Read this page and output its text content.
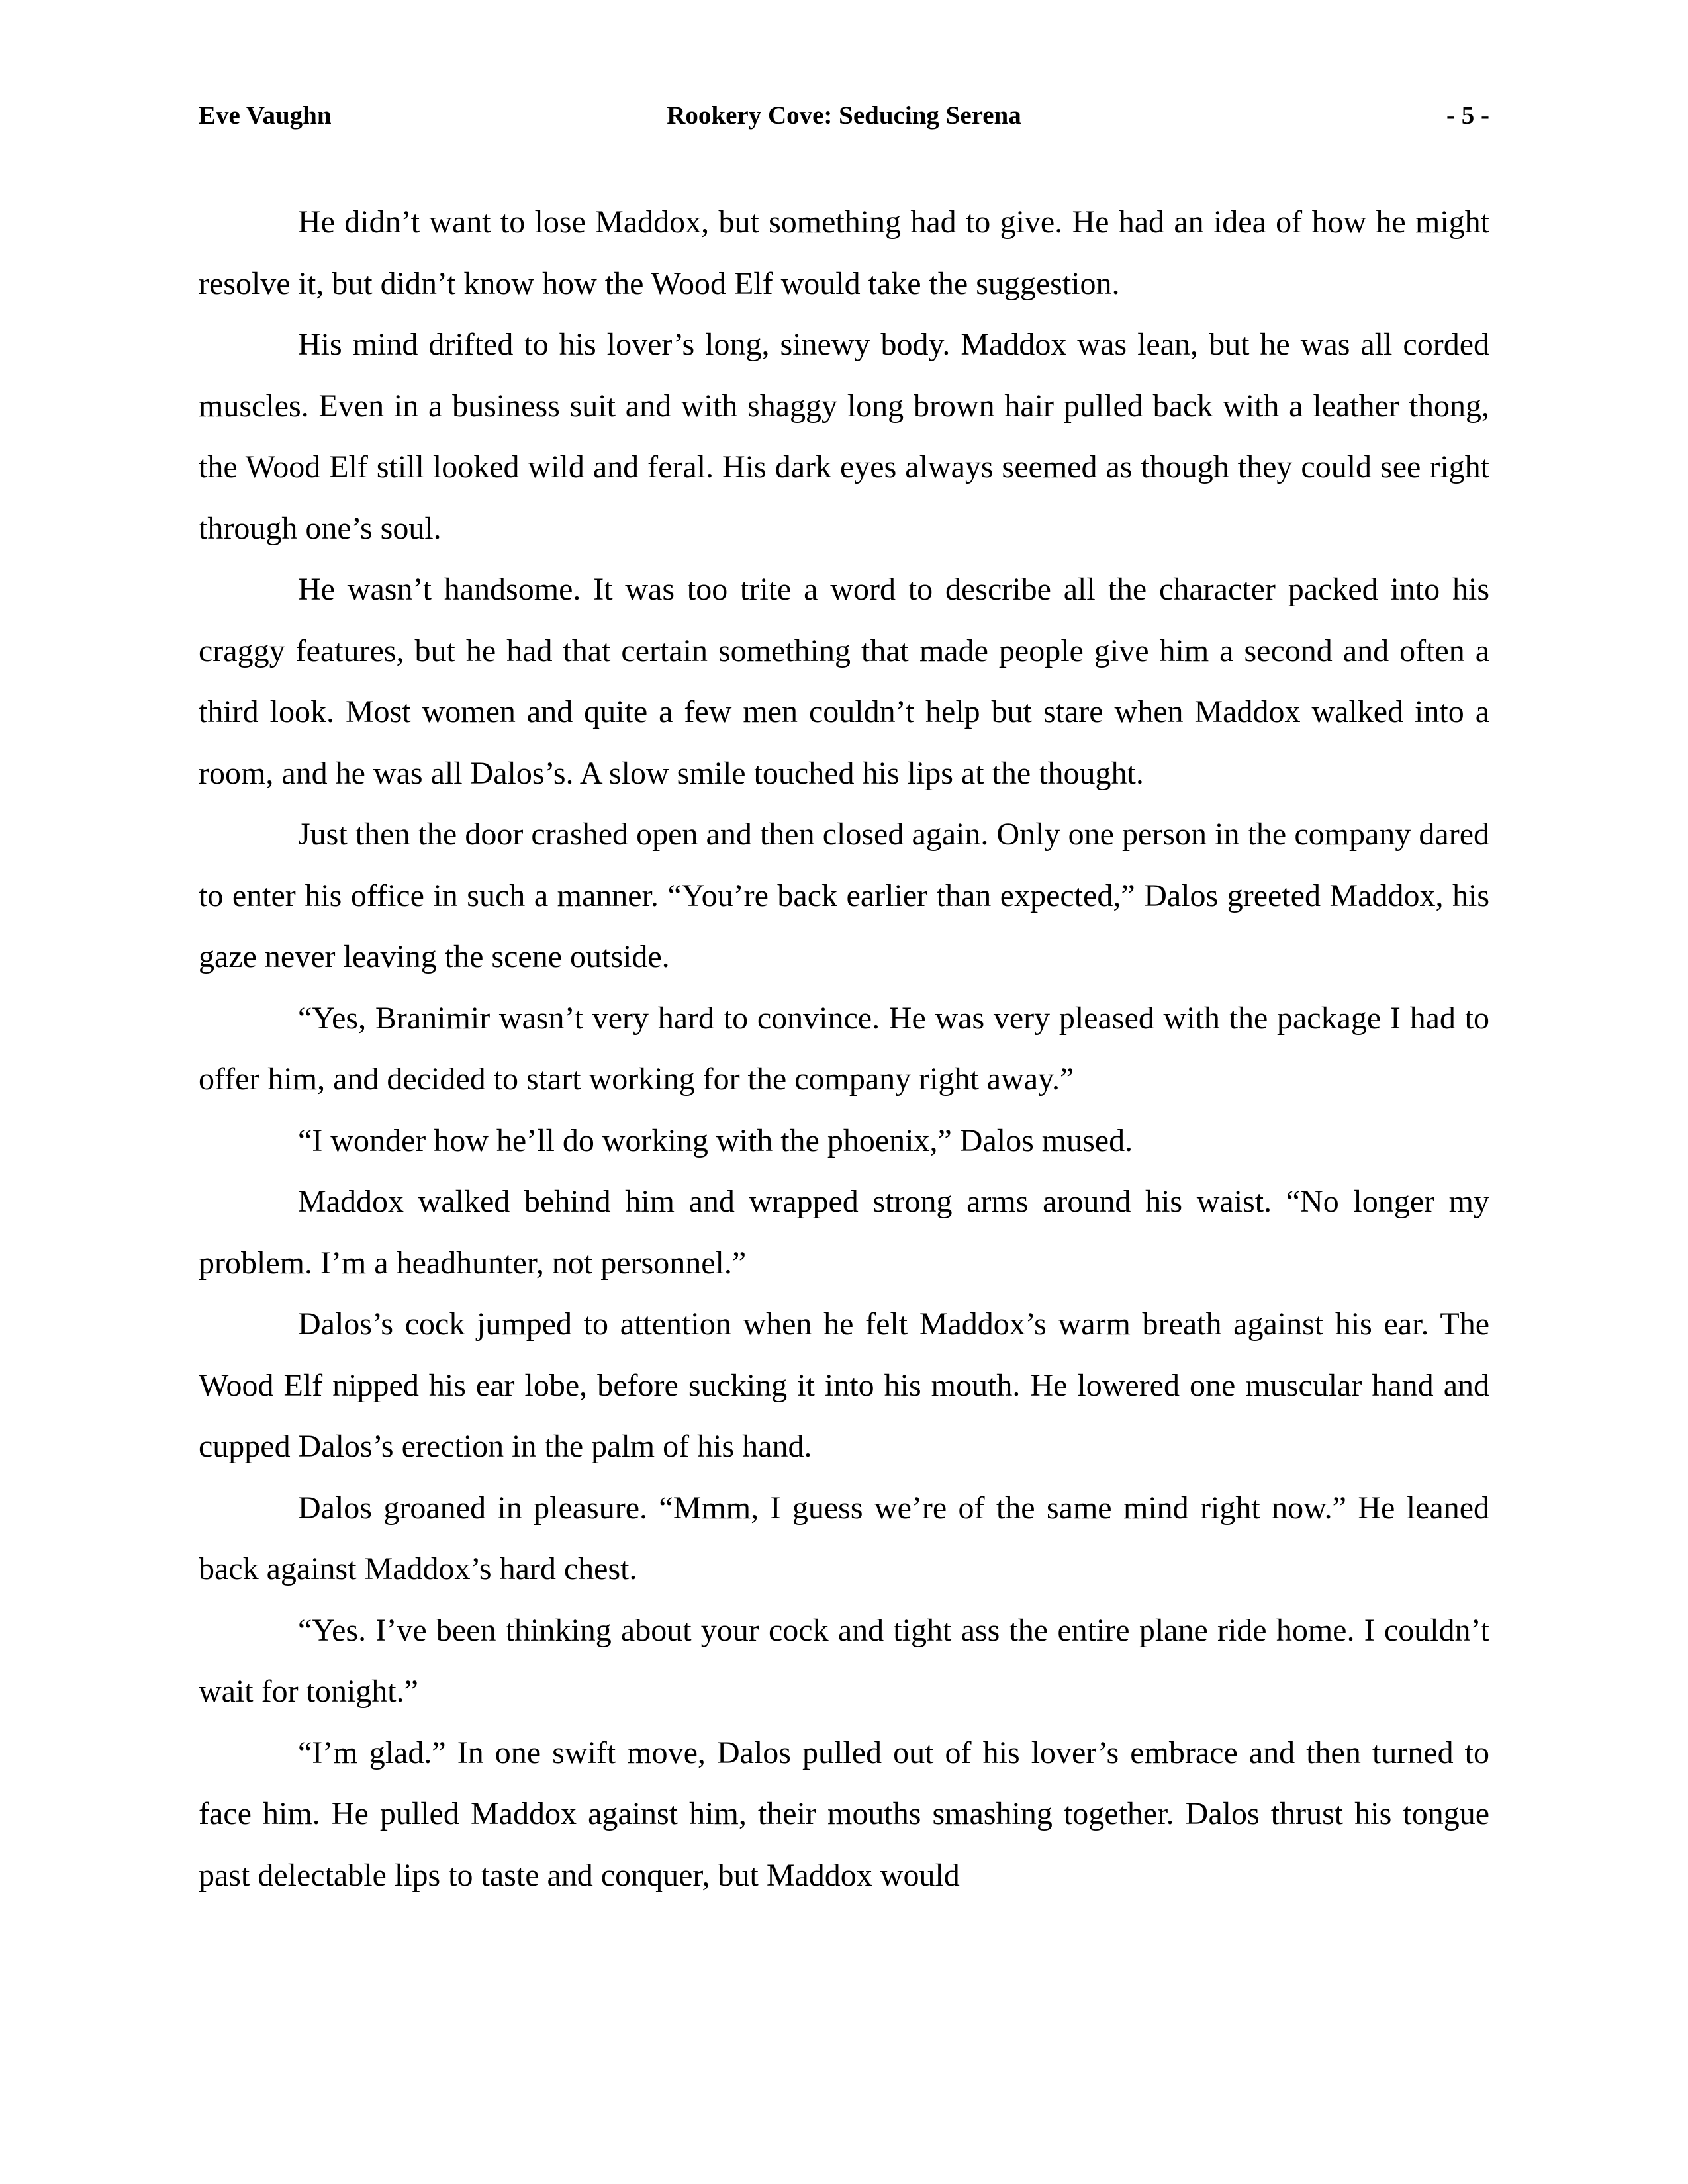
Rookery Cove: Seducing Serena
Eve Vaughn	- 5 -

He didn’t want to lose Maddox, but something had to give. He had an idea of how he might resolve it, but didn’t know how the Wood Elf would take the suggestion.

His mind drifted to his lover’s long, sinewy body. Maddox was lean, but he was all corded muscles. Even in a business suit and with shaggy long brown hair pulled back with a leather thong, the Wood Elf still looked wild and feral. His dark eyes always seemed as though they could see right through one’s soul.

He wasn’t handsome. It was too trite a word to describe all the character packed into his craggy features, but he had that certain something that made people give him a second and often a third look. Most women and quite a few men couldn’t help but stare when Maddox walked into a room, and he was all Dalos’s. A slow smile touched his lips at the thought.

Just then the door crashed open and then closed again. Only one person in the company dared to enter his office in such a manner. “You’re back earlier than expected,” Dalos greeted Maddox, his gaze never leaving the scene outside.

“Yes, Branimir wasn’t very hard to convince. He was very pleased with the package I had to offer him, and decided to start working for the company right away.”

“I wonder how he’ll do working with the phoenix,” Dalos mused.

Maddox walked behind him and wrapped strong arms around his waist. “No longer my problem. I’m a headhunter, not personnel.”

Dalos’s cock jumped to attention when he felt Maddox’s warm breath against his ear. The Wood Elf nipped his ear lobe, before sucking it into his mouth. He lowered one muscular hand and cupped Dalos’s erection in the palm of his hand.

Dalos groaned in pleasure. “Mmm, I guess we’re of the same mind right now.” He leaned back against Maddox’s hard chest.

“Yes. I’ve been thinking about your cock and tight ass the entire plane ride home. I couldn’t wait for tonight.”

“I’m glad.” In one swift move, Dalos pulled out of his lover’s embrace and then turned to face him. He pulled Maddox against him, their mouths smashing together. Dalos thrust his tongue past delectable lips to taste and conquer, but Maddox would
